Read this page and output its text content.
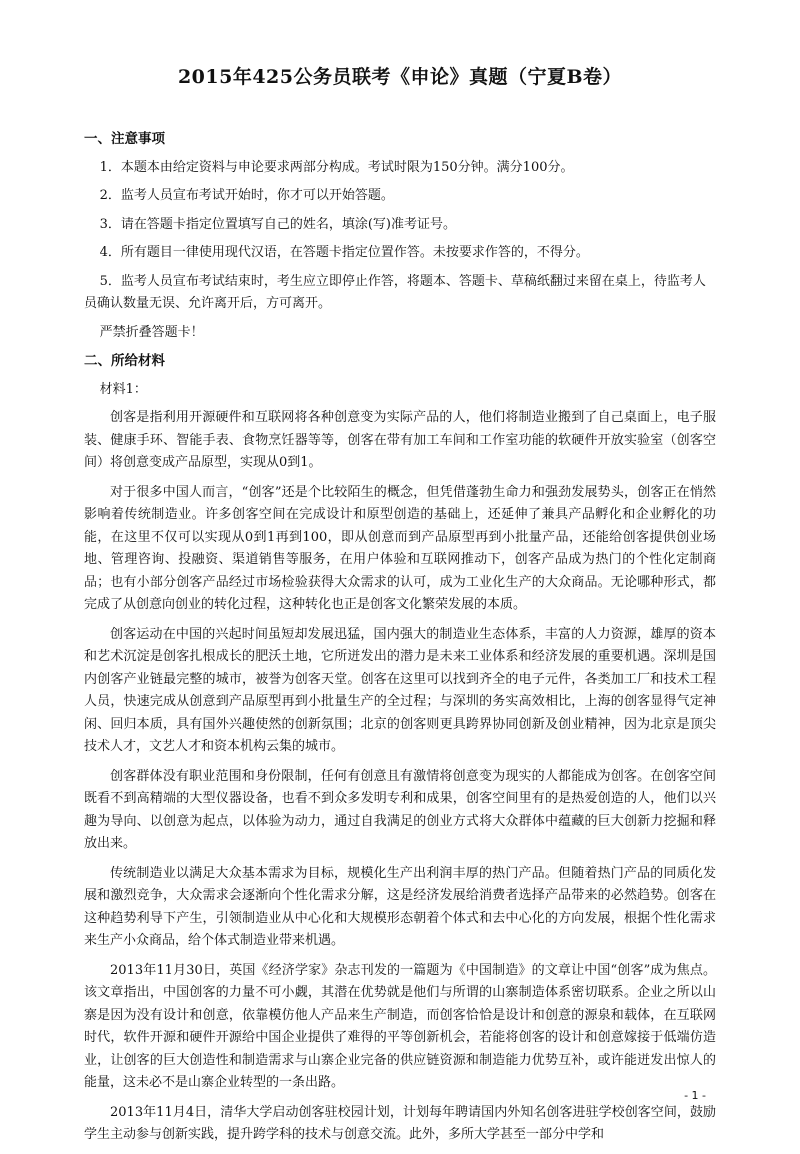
2015年425公务员联考《申论》真题（宁夏B卷）
一、注意事项
1．本题本由给定资料与申论要求两部分构成。考试时限为150分钟。满分100分。
2．监考人员宣布考试开始时，你才可以开始答题。
3．请在答题卡指定位置填写自己的姓名，填涂(写)准考证号。
4．所有题目一律使用现代汉语，在答题卡指定位置作答。未按要求作答的，不得分。
5．监考人员宣布考试结束时，考生应立即停止作答，将题本、答题卡、草稿纸翻过来留在桌上，待监考人员确认数量无误、允许离开后，方可离开。
严禁折叠答题卡！
二、所给材料
材料1：

创客是指利用开源硬件和互联网将各种创意变为实际产品的人，他们将制造业搬到了自己桌面上，电子服装、健康手环、智能手表、食物烹饪器等等，创客在带有加工车间和工作室功能的软硬件开放实验室（创客空间）将创意变成产品原型，实现从0到1。

对于很多中国人而言，“创客”还是个比较陌生的概念，但凭借蓬勃生命力和强劲发展势头，创客正在悄然影响着传统制造业。许多创客空间在完成设计和原型创造的基础上，还延伸了兼具产品孵化和企业孵化的功能，在这里不仅可以实现从0到1再到100，即从创意而到产品原型再到小批量产品，还能给创客提供创业场地、管理咨询、投融资、渠道销售等服务，在用户体验和互联网推动下，创客产品成为热门的个性化定制商品；也有小部分创客产品经过市场检验获得大众需求的认可，成为工业化生产的大众商品。无论哪种形式，都完成了从创意向创业的转化过程，这种转化也正是创客文化繁荣发展的本质。

创客运动在中国的兴起时间虽短却发展迅猛，国内强大的制造业生态体系，丰富的人力资源，雄厚的资本和艺术沉淀是创客扎根成长的肥沃土地，它所迸发出的潜力是未来工业体系和经济发展的重要机遇。深圳是国内创客产业链最完整的城市，被誉为创客天堂。创客在这里可以找到齐全的电子元件，各类加工厂和技术工程人员，快速完成从创意到产品原型再到小批量生产的全过程；与深圳的务实高效相比，上海的创客显得气定神闲、回归本质，具有国外兴趣使然的创新氛围；北京的创客则更具跨界协同创新及创业精神，因为北京是顶尖技术人才，文艺人才和资本机构云集的城市。

创客群体没有职业范围和身份限制，任何有创意且有激情将创意变为现实的人都能成为创客。在创客空间既看不到高精端的大型仪器设备，也看不到众多发明专利和成果，创客空间里有的是热爱创造的人，他们以兴趣为导向、以创意为起点，以体验为动力，通过自我满足的创业方式将大众群体中蕴藏的巨大创新力挖掘和释放出来。

传统制造业以满足大众基本需求为目标，规模化生产出利润丰厚的热门产品。但随着热门产品的同质化发展和激烈竞争，大众需求会逐渐向个性化需求分解，这是经济发展给消费者选择产品带来的必然趋势。创客在这种趋势利导下产生，引领制造业从中心化和大规模形态朝着个体式和去中心化的方向发展，根据个性化需求来生产小众商品，给个体式制造业带来机遇。

2013年11月30日，英国《经济学家》杂志刊发的一篇题为《中国制造》的文章让中国“创客”成为焦点。该文章指出，中国创客的力量不可小觑，其潜在优势就是他们与所谓的山寨制造体系密切联系。企业之所以山寨是因为没有设计和创意，依靠模仿他人产品来生产制造，而创客恰恰是设计和创意的源泉和载体，在互联网时代，软件开源和硬件开源给中国企业提供了难得的平等创新机会，若能将创客的设计和创意嫁接于低端仿造业，让创客的巨大创造性和制造需求与山寨企业完备的供应链资源和制造能力优势互补，或许能迸发出惊人的能量，这未必不是山寨企业转型的一条出路。

2013年11月4日，清华大学启动创客驻校园计划，计划每年聘请国内外知名创客进驻学校创客空间，鼓励学生主动参与创新实践，提升跨学科的技术与创意交流。此外，多所大学甚至一部分中学和

- 1 -
